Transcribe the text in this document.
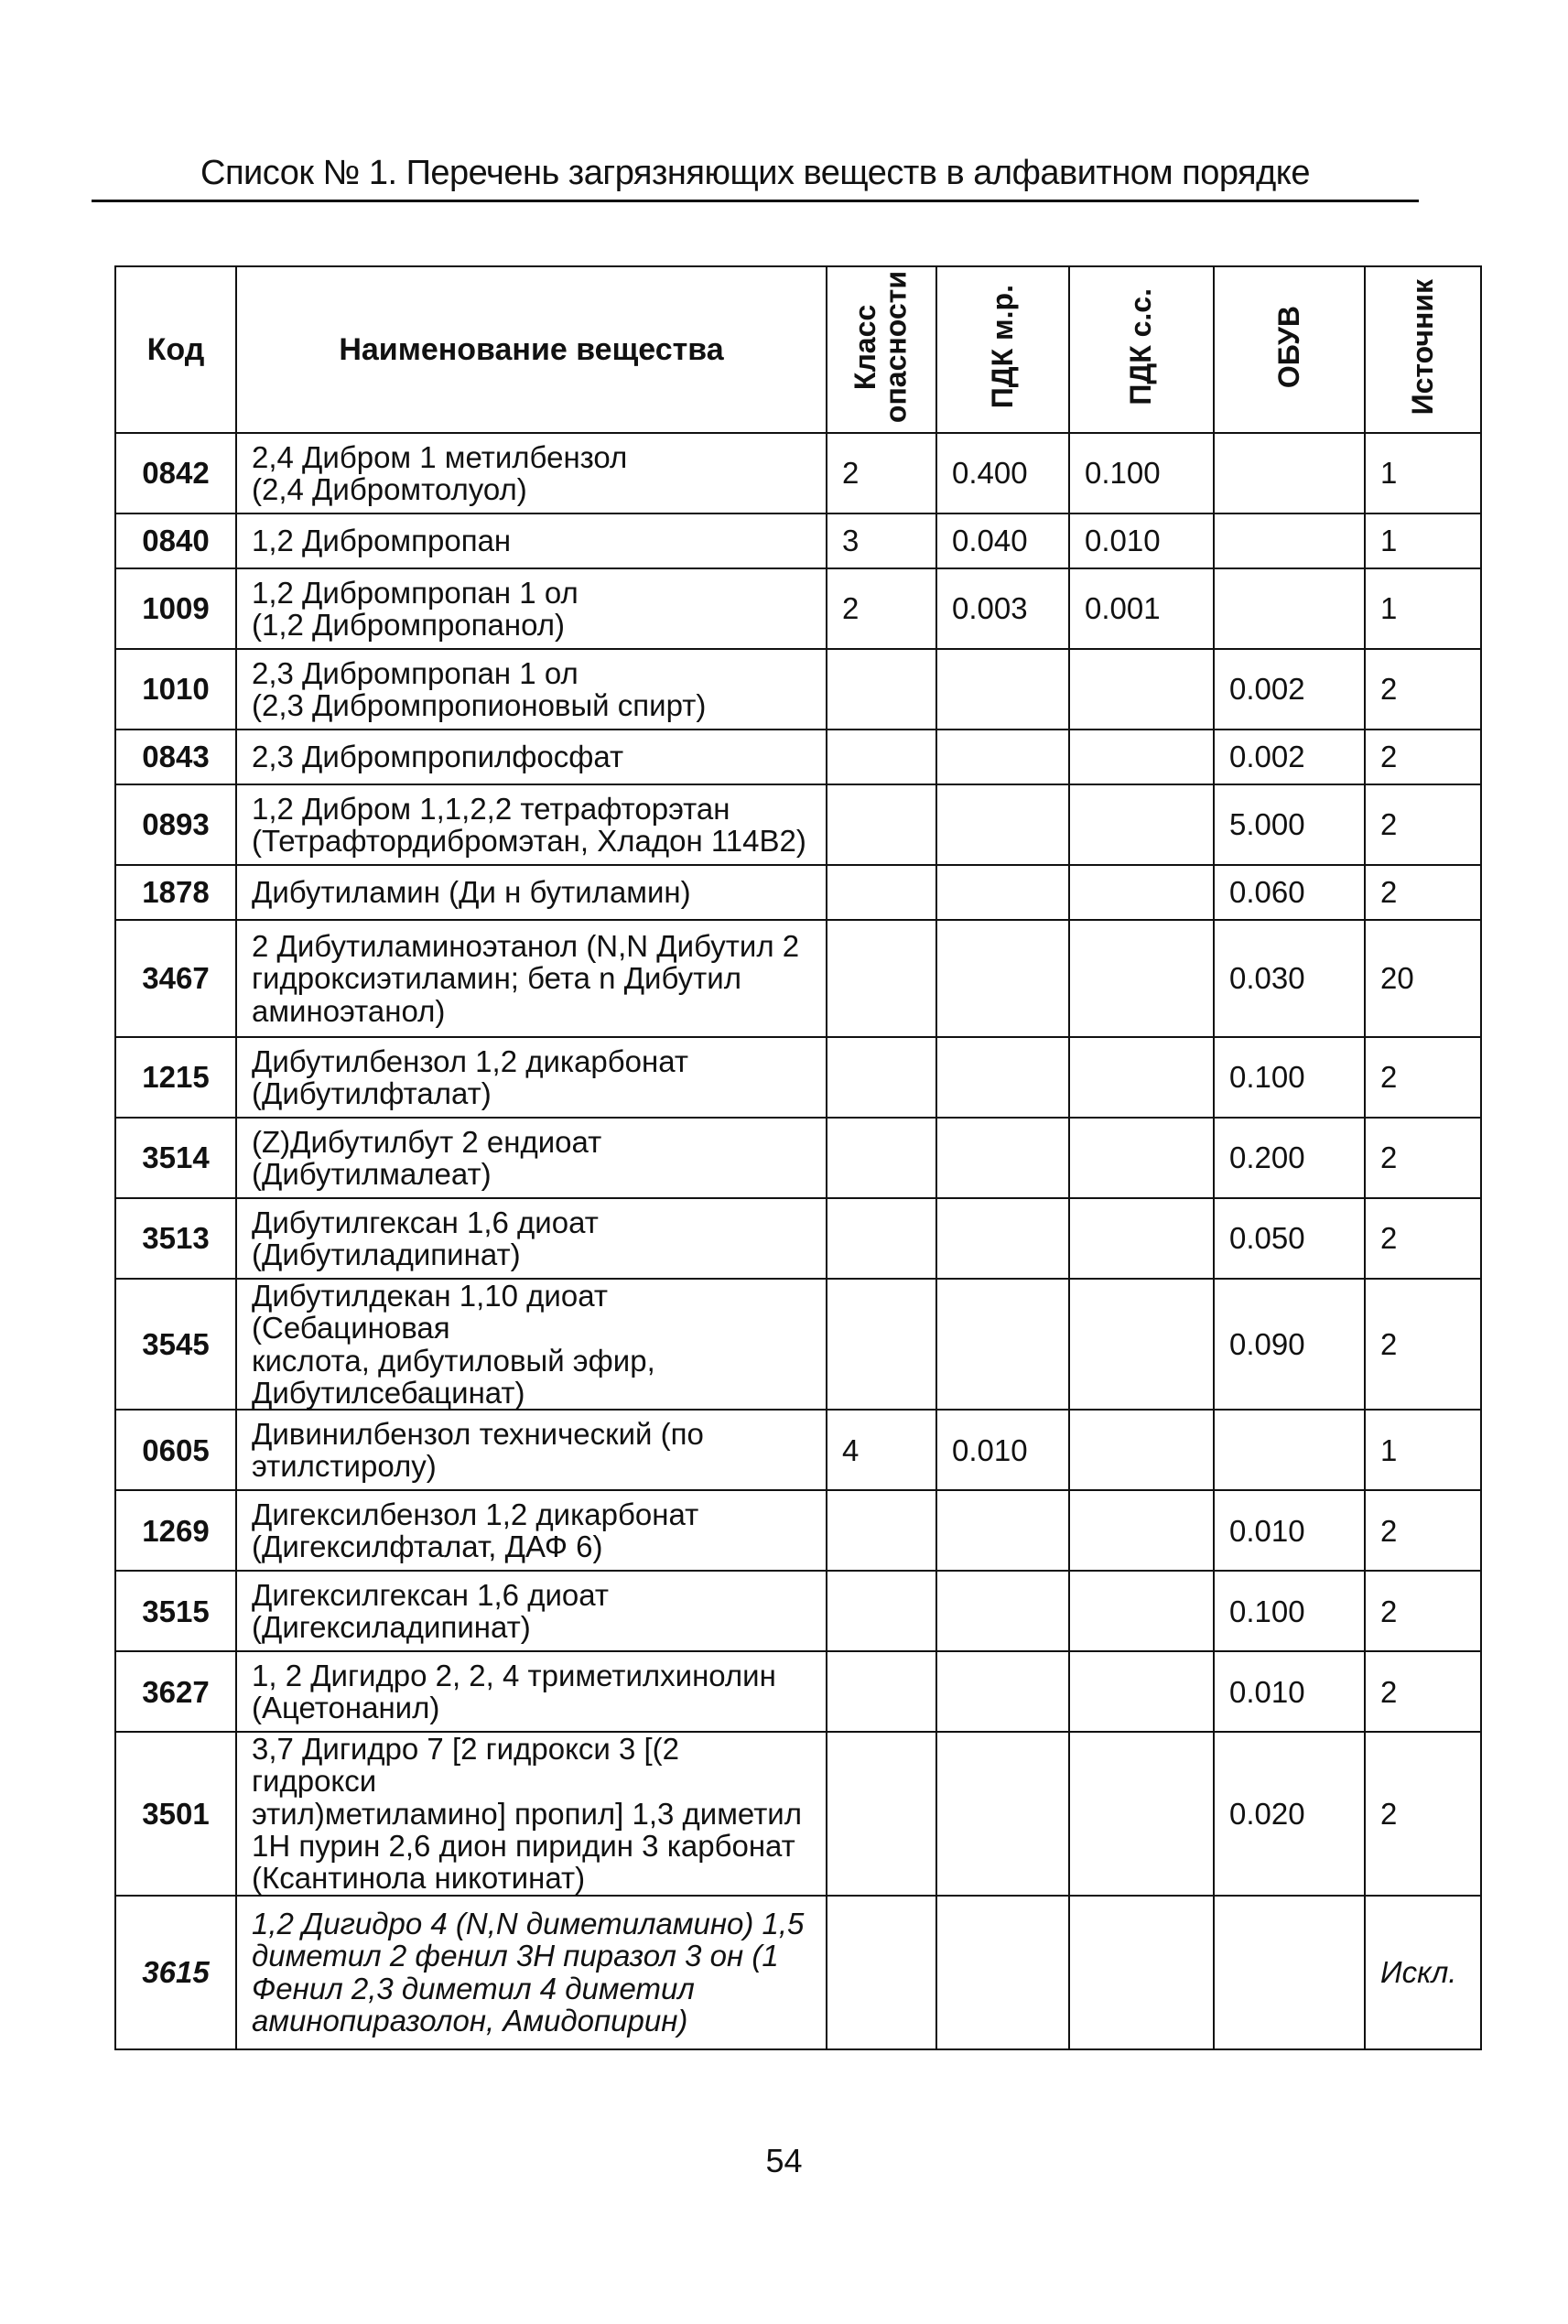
Список № 1. Перечень загрязняющих веществ в алфавитном порядке
Код	Наименование вещества	Класс
опасности	ПДК м.р.	ПДК с.с.	ОБУВ	Источник
0842	2,4 Дибром 1 метилбензол
(2,4 Дибромтолуол)	2	0.400	0.100		1
0840	1,2 Дибромпропан	3	0.040	0.010		1
1009	1,2 Дибромпропан 1 ол
(1,2 Дибромпропанол)	2	0.003	0.001		1
1010	2,3 Дибромпропан 1 ол
(2,3 Дибромпропионовый спирт)				0.002	2
0843	2,3 Дибромпропилфосфат				0.002	2
0893	1,2 Дибром 1,1,2,2 тетрафторэтан
(Тетрафтордибромэтан, Хладон 114В2)				5.000	2
1878	Дибутиламин (Ди н бутиламин)				0.060	2
3467	2 Дибутиламиноэтанол (N,N Дибутил 2
гидроксиэтиламин; бета n Дибутил
аминоэтанол)				0.030	20
1215	Дибутилбензол 1,2 дикарбонат
(Дибутилфталат)				0.100	2
3514	(Z)Дибутилбут 2 ендиоат
(Дибутилмалеат)				0.200	2
3513	Дибутилгексан 1,6 диоат
(Дибутиладипинат)				0.050	2
3545	Дибутилдекан 1,10 диоат (Себациновая
кислота, дибутиловый эфир,
Дибутилсебацинат)				0.090	2
0605	Дивинилбензол технический (по
этилстиролу)	4	0.010			1
1269	Дигексилбензол 1,2 дикарбонат
(Дигексилфталат, ДАФ 6)				0.010	2
3515	Дигексилгексан 1,6 диоат
(Дигексиладипинат)				0.100	2
3627	1, 2 Дигидро 2, 2, 4 триметилхинолин
(Ацетонанил)				0.010	2
3501	3,7 Дигидро 7 [2 гидрокси 3 [(2 гидрокси
этил)метиламино] пропил] 1,3 диметил
1Н пурин 2,6 дион пиридин 3 карбонат
(Ксантинола никотинат)				0.020	2
3615	1,2 Дигидро 4 (N,N диметиламино) 1,5
диметил 2 фенил 3Н пиразол 3 он (1
Фенил 2,3 диметил 4 диметил
аминопиразолон, Амидопирин)					Искл.
54
